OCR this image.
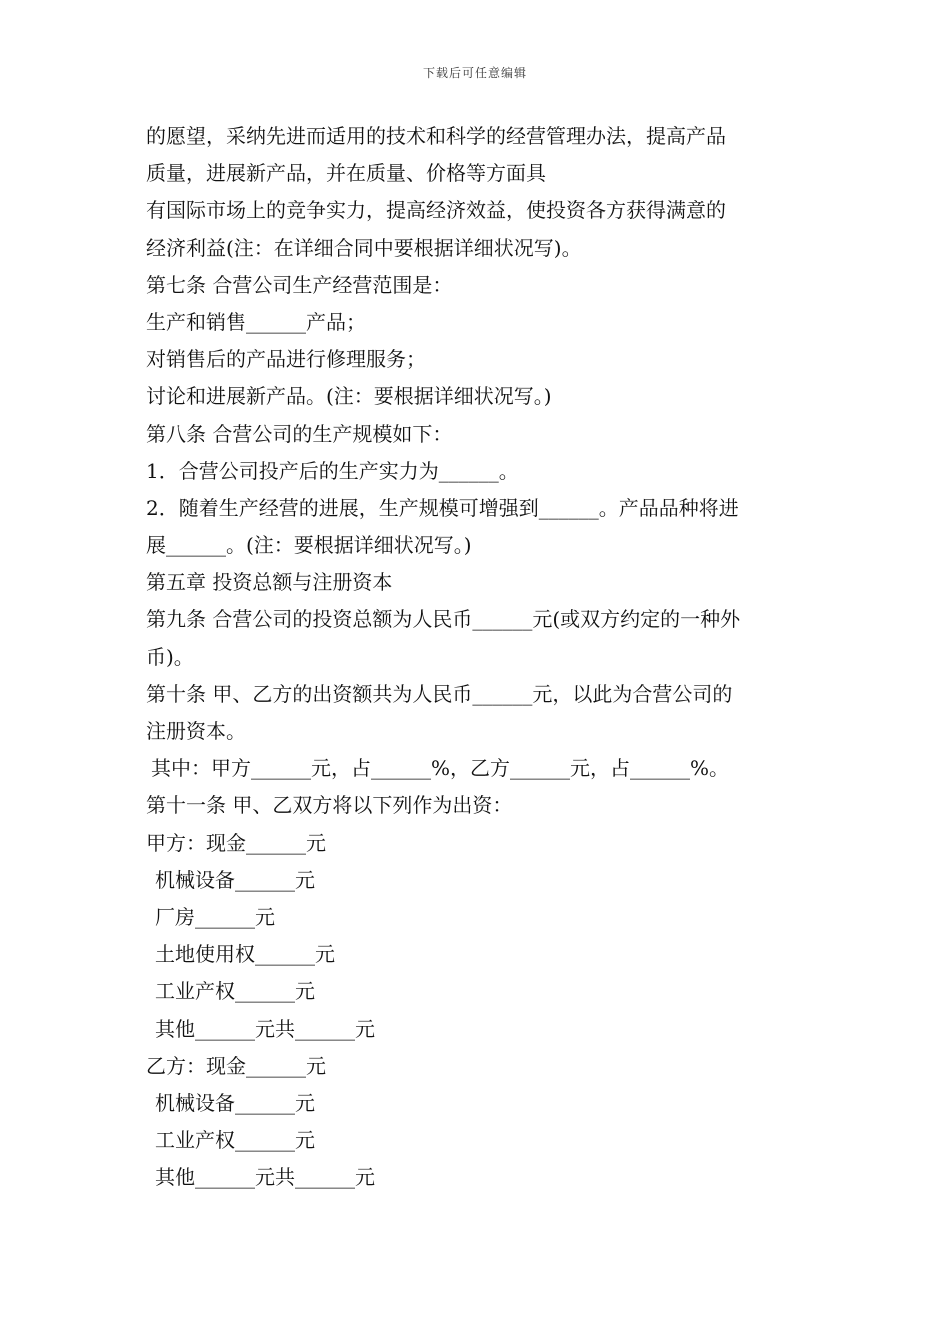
下载后可任意编辑
的愿望，采纳先进而适用的技术和科学的经营管理办法，提高产品
质量，进展新产品，并在质量、价格等方面具
有国际市场上的竞争实力，提高经济效益，使投资各方获得满意的
经济利益(注：在详细合同中要根据详细状况写)。
第七条 合营公司生产经营范围是：
生产和销售______产品；
对销售后的产品进行修理服务；
讨论和进展新产品。(注：要根据详细状况写。)
第八条 合营公司的生产规模如下：
1．合营公司投产后的生产实力为______。
2．随着生产经营的进展，生产规模可增强到______。产品品种将进
展______。(注：要根据详细状况写。)
第五章 投资总额与注册资本
第九条 合营公司的投资总额为人民币______元(或双方约定的一种外
币)。
第十条 甲、乙方的出资额共为人民币______元，以此为合营公司的
注册资本。
其中：甲方______元，占______%，乙方______元，占______%。
第十一条 甲、乙双方将以下列作为出资：
甲方：现金______元
机械设备______元
厂房______元
土地使用权______元
工业产权______元
其他______元共______元
乙方：现金______元
机械设备______元
工业产权______元
其他______元共______元
